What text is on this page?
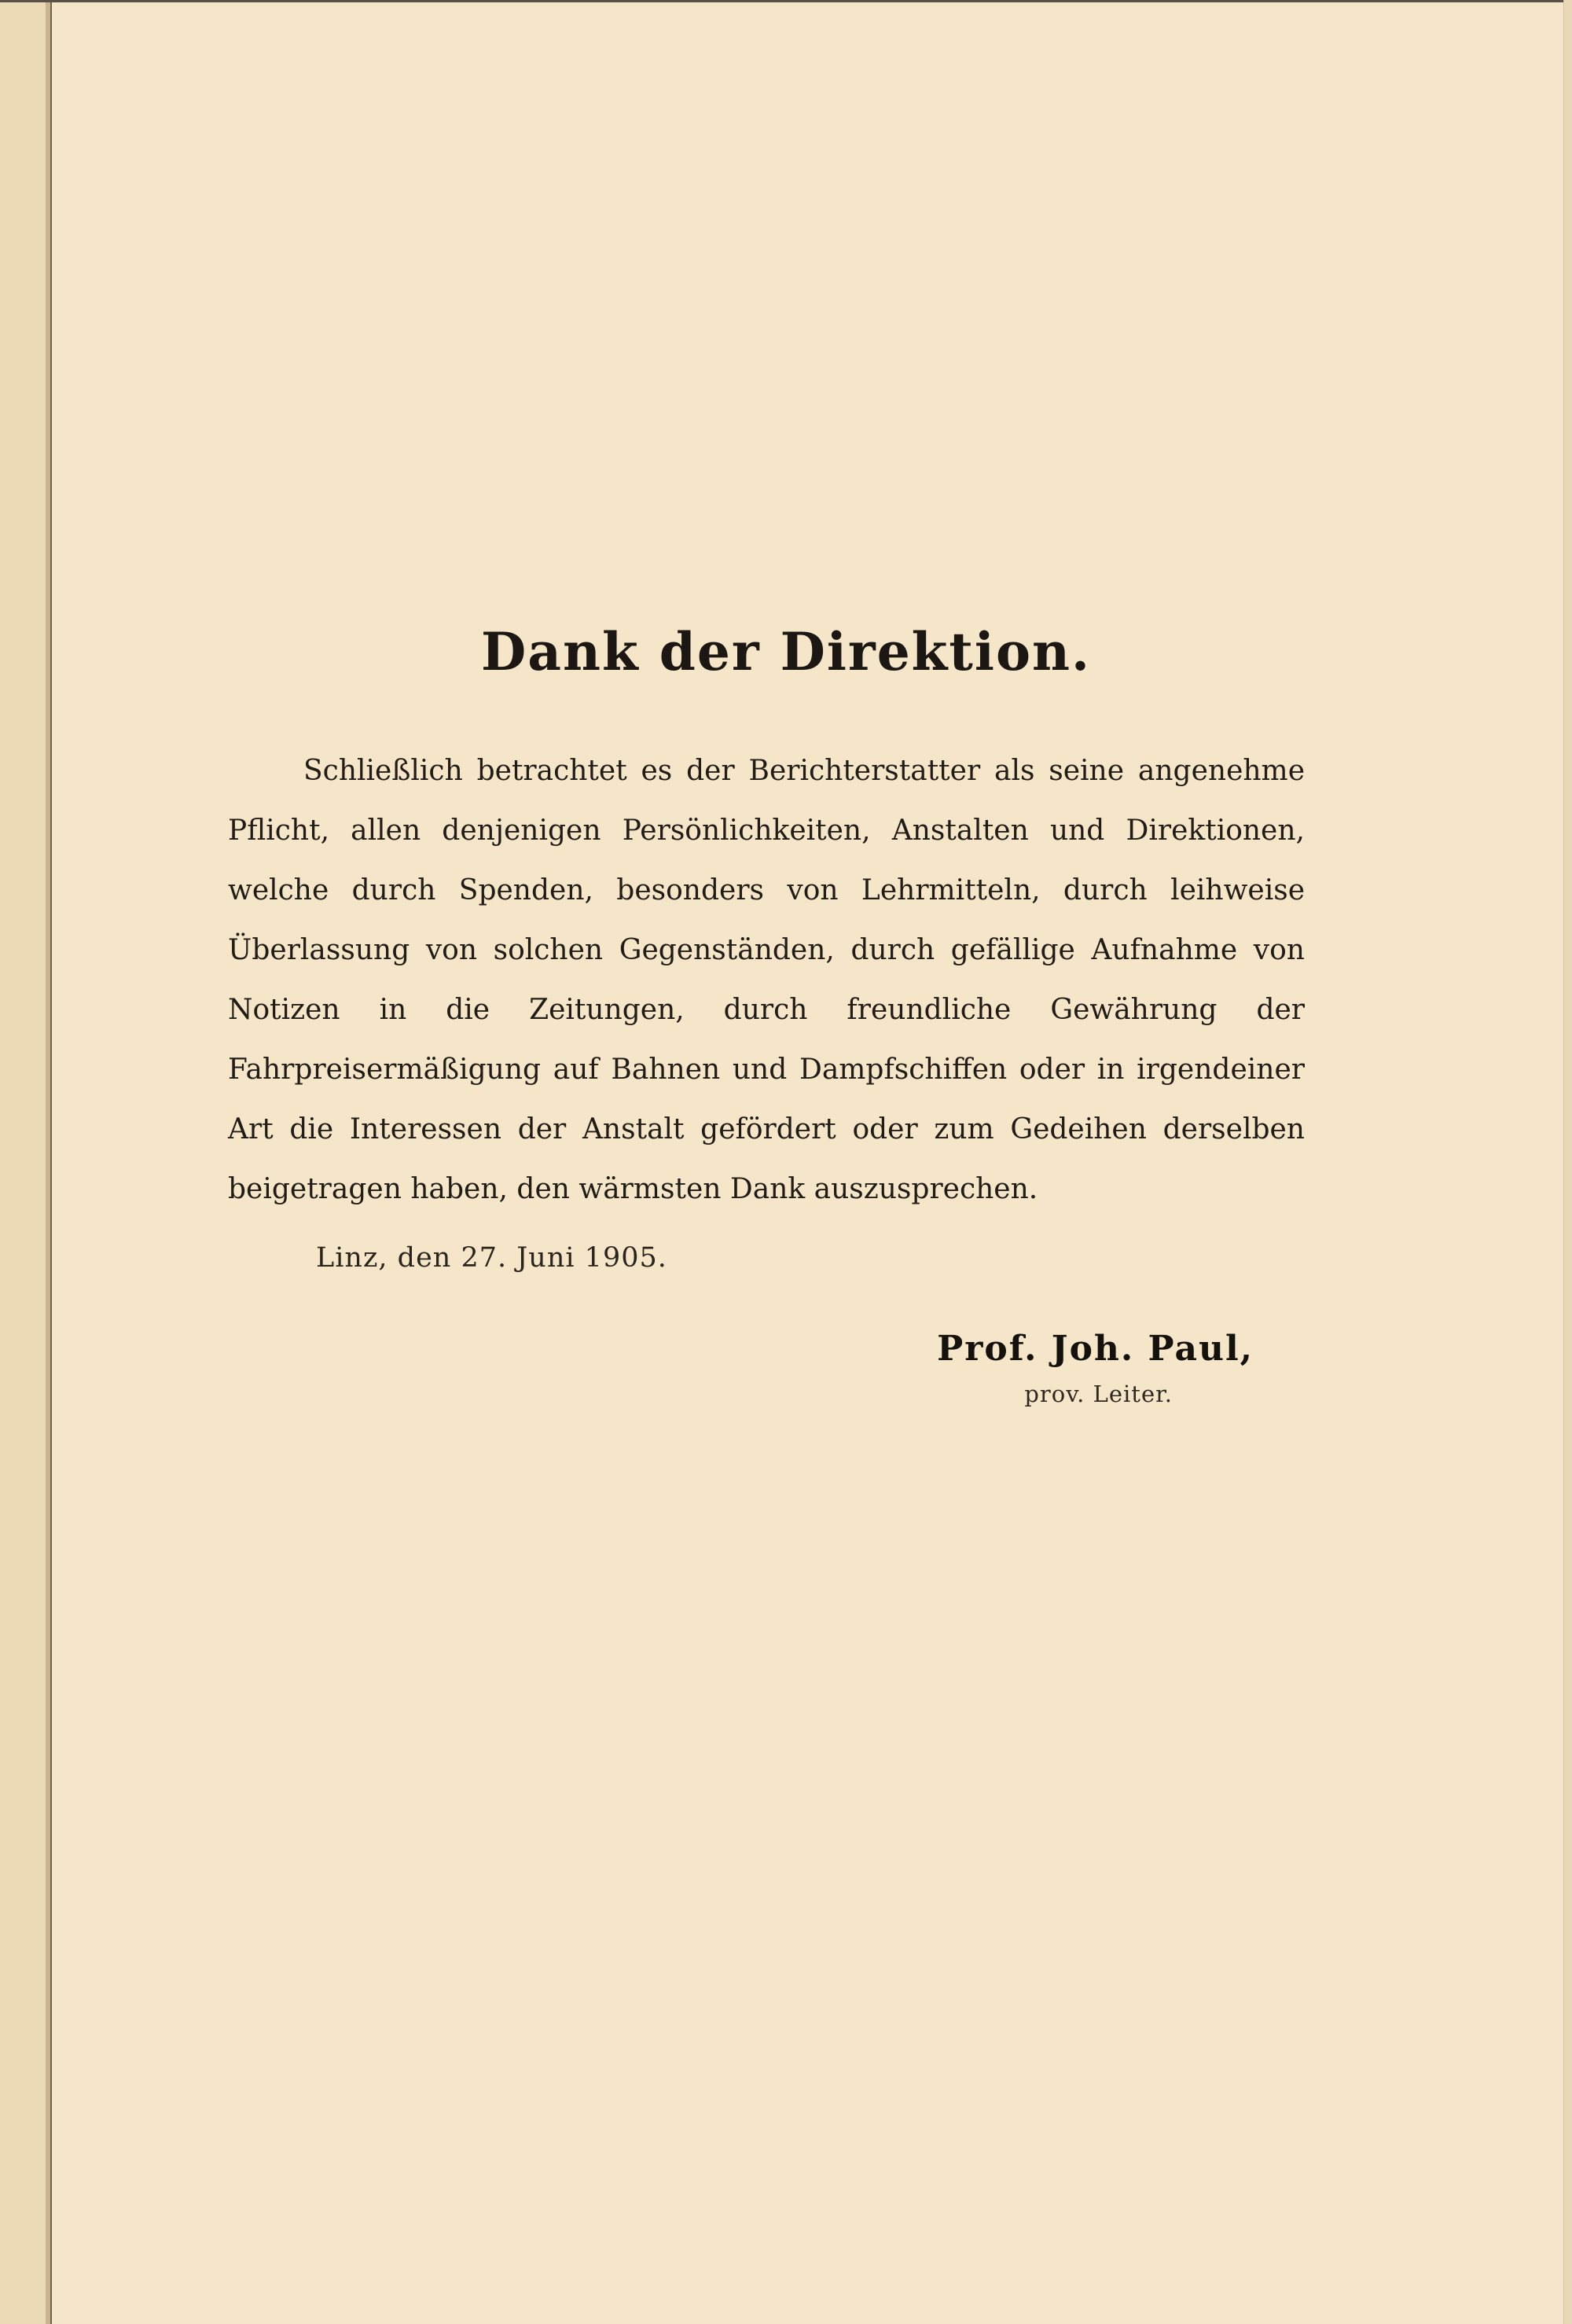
Dank der Direktion.

Schließlich betrachtet es der Berichterstatter als seine angenehme Pflicht, allen denjenigen Persönlichkeiten, Anstalten und Direktionen, welche durch Spenden, besonders von Lehrmitteln, durch leihweise Überlassung von solchen Gegenständen, durch gefällige Aufnahme von Notizen in die Zeitungen, durch freundliche Gewährung der Fahrpreisermäßigung auf Bahnen und Dampfschiffen oder in irgendeiner Art die Interessen der Anstalt gefördert oder zum Gedeihen derselben beigetragen haben, den wärmsten Dank auszusprechen.

Linz, den 27. Juni 1905.
Prof. Joh. Paul,
prov. Leiter.
